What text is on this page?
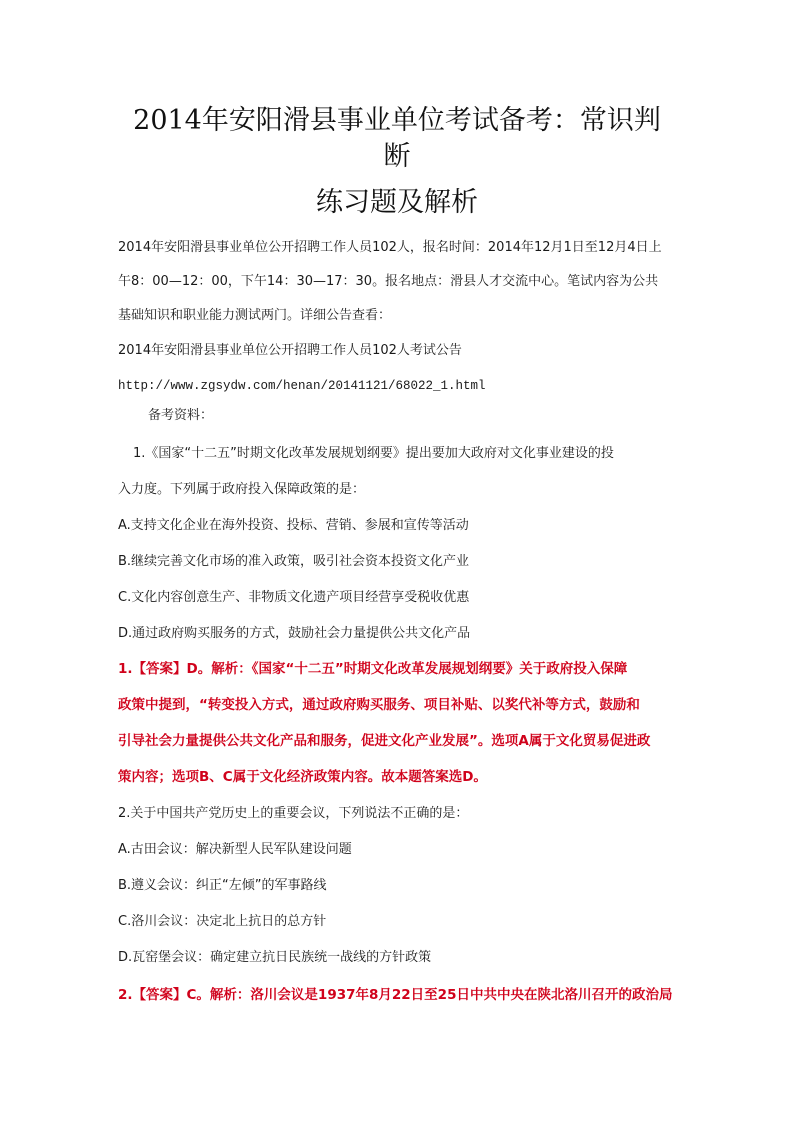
2014年安阳滑县事业单位考试备考：常识判
断
练习题及解析
2014年安阳滑县事业单位公开招聘工作人员102人，报名时间：2014年12月1日至12月4日上
午8：00—12：00，下午14：30—17：30。报名地点：滑县人才交流中心。笔试内容为公共
基础知识和职业能力测试两门。详细公告查看：
2014年安阳滑县事业单位公开招聘工作人员102人考试公告
http://www.zgsydw.com/henan/20141121/68022_1.html
备考资料：
1.《国家“十二五”时期文化改革发展规划纲要》提出要加大政府对文化事业建设的投
入力度。下列属于政府投入保障政策的是：
A.支持文化企业在海外投资、投标、营销、参展和宣传等活动
B.继续完善文化市场的准入政策，吸引社会资本投资文化产业
C.文化内容创意生产、非物质文化遗产项目经营享受税收优惠
D.通过政府购买服务的方式，鼓励社会力量提供公共文化产品
1.【答案】D。解析：《国家“十二五”时期文化改革发展规划纲要》关于政府投入保障
政策中提到，“转变投入方式，通过政府购买服务、项目补贴、以奖代补等方式，鼓励和
引导社会力量提供公共文化产品和服务，促进文化产业发展”。选项A属于文化贸易促进政
策内容；选项B、C属于文化经济政策内容。故本题答案选D。
2.关于中国共产党历史上的重要会议，下列说法不正确的是：
A.古田会议：解决新型人民军队建设问题
B.遵义会议：纠正“左倾”的军事路线
C.洛川会议：决定北上抗日的总方针
D.瓦窑堡会议：确定建立抗日民族统一战线的方针政策
2.【答案】C。解析：洛川会议是1937年8月22日至25日中共中央在陕北洛川召开的政治局
